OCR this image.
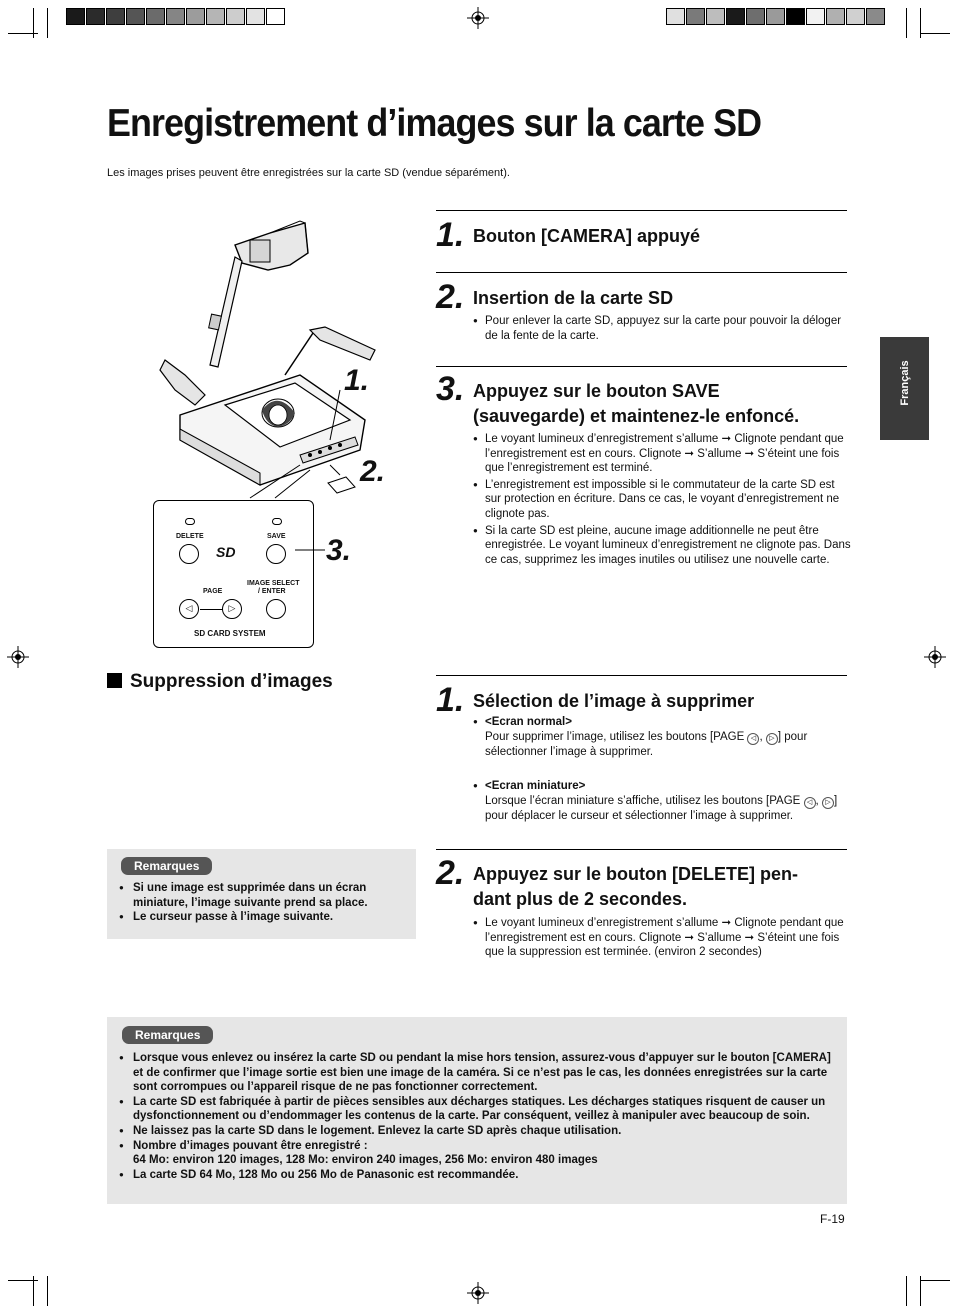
Enregistrement d’images sur la carte SD
Les images prises peuvent être enregistrées sur la carte SD (vendue séparément).
Français
1.
2.
3.
DELETE	SAVE
SD
IMAGE SELECT
/ ENTER
PAGE
◁	▷
SD CARD SYSTEM
1. Bouton [CAMERA] appuyé
2. Insertion de la carte SD

● Pour enlever la carte SD, appuyez sur la carte pour pouvoir la déloger de la fente de la carte.

3. Appuyez sur le bouton SAVE
(sauvegarde) et maintenez-le enfoncé.

● Le voyant lumineux d’enregistrement s’allume ➞ Clignote pendant que l’enregistrement est en cours. Clignote ➞ S’allume ➞ S’éteint une fois que l’enregistrement est terminé.

● L’enregistrement est impossible si le commutateur de la carte SD est sur protection en écriture. Dans ce cas, le voyant d’enregistrement ne clignote pas.

● Si la carte SD est pleine, aucune image additionnelle ne peut être enregistrée. Le voyant lumineux d’enregistrement ne clignote pas. Dans ce cas, supprimez les images inutiles ou utilisez une nouvelle carte.

Suppression d’images	1. Sélection de l’image à supprimer

● <Ecran normal>

Pour supprimer l’image, utilisez les boutons [PAGE ◁ , ▷ ] pour sélectionner l’image à supprimer.

● <Ecran miniature>

Lorsque l’écran miniature s’affiche, utilisez les boutons [PAGE ◁ , ▷ ] pour déplacer le curseur et sélectionner l’image à supprimer.

2. Appuyez sur le bouton [DELETE] pen-
dant plus de 2 secondes.

● Le voyant lumineux d’enregistrement s’allume ➞ Clignote pendant que l’enregistrement est en cours. Clignote ➞ S’allume ➞ S’éteint une fois que la suppression est terminée. (environ 2 secondes)

Remarques

● Si une image est supprimée dans un écran miniature, l’image suivante prend sa place.

● Le curseur passe à l’image suivante.

Remarques

● Lorsque vous enlevez ou insérez la carte SD ou pendant la mise hors tension, assurez-vous d’appuyer sur le bouton [CAMERA] et de confirmer que l’image sortie est bien une image de la caméra. Si ce n’est pas le cas, les données enregistrées sur la carte sont corrompues ou l’appareil risque de ne pas fonctionner correctement.

● La carte SD est fabriquée à partir de pièces sensibles aux décharges statiques. Les décharges statiques risquent de causer un dysfonctionnement ou d’endommager les contenus de la carte. Par conséquent, veillez à manipuler avec beaucoup de soin.

● Ne laissez pas la carte SD dans le logement. Enlevez la carte SD après chaque utilisation.

● Nombre d’images pouvant être enregistré :
64 Mo: environ 120 images, 128 Mo: environ 240 images, 256 Mo: environ 480 images

● La carte SD 64 Mo, 128 Mo ou 256 Mo de Panasonic est recommandée.

F-19
